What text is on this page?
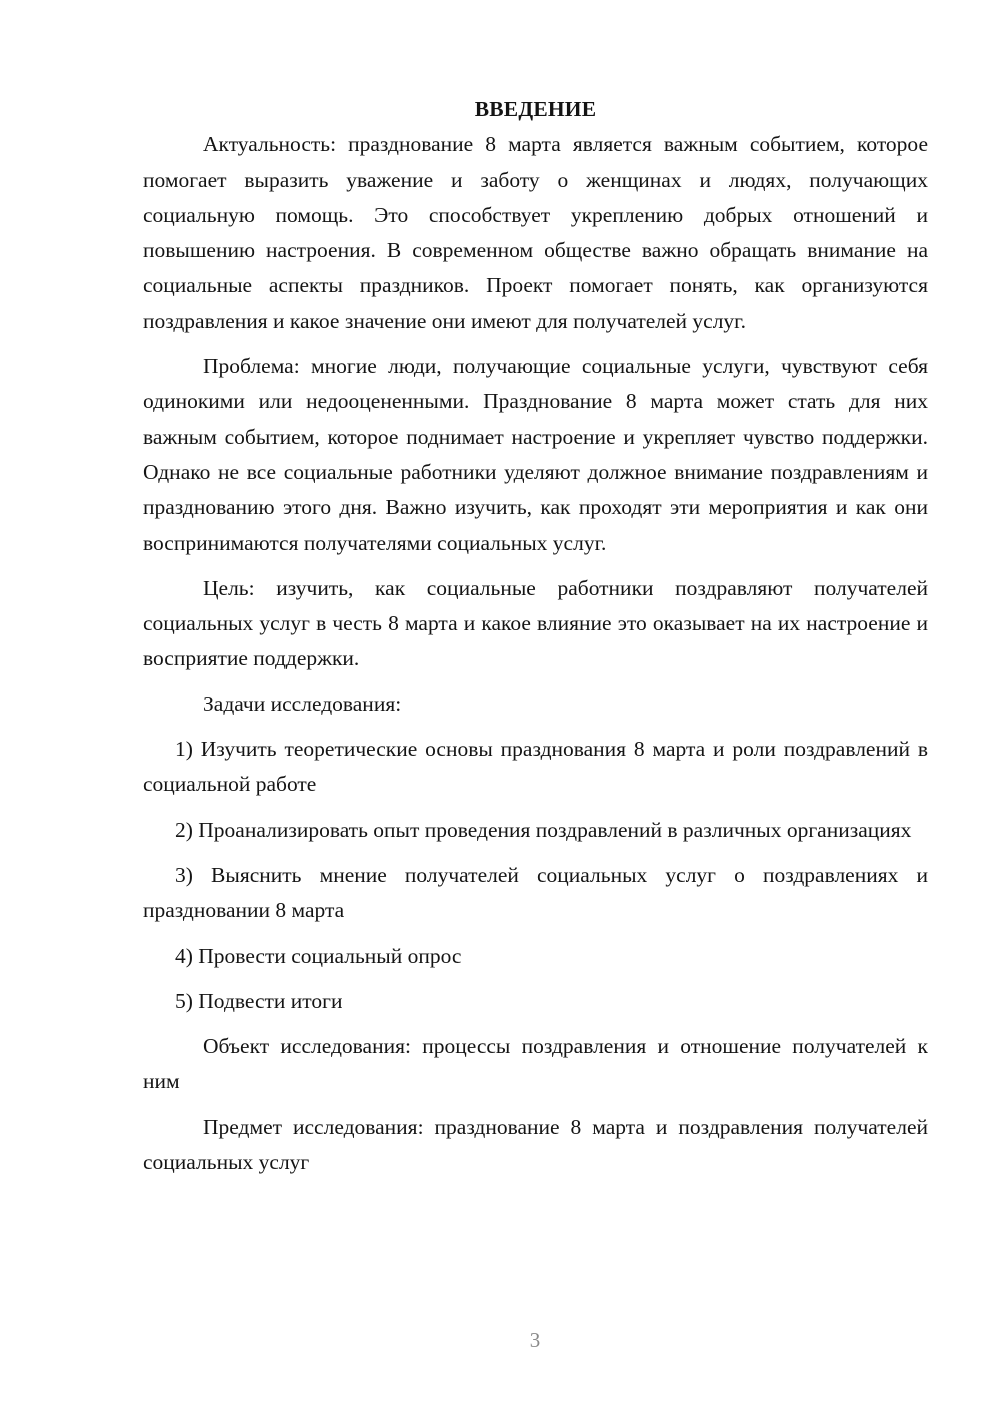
ВВЕДЕНИЕ

Актуальность: празднование 8 марта является важным событием, которое помогает выразить уважение и заботу о женщинах и людях, получающих социальную помощь. Это способствует укреплению добрых отношений и повышению настроения. В современном обществе важно обращать внимание на социальные аспекты праздников. Проект помогает понять, как организуются поздравления и какое значение они имеют для получателей услуг.

Проблема: многие люди, получающие социальные услуги, чувствуют себя одинокими или недооцененными. Празднование 8 марта может стать для них важным событием, которое поднимает настроение и укрепляет чувство поддержки. Однако не все социальные работники уделяют должное внимание поздравлениям и празднованию этого дня. Важно изучить, как проходят эти мероприятия и как они воспринимаются получателями социальных услуг.

Цель: изучить, как социальные работники поздравляют получателей социальных услуг в честь 8 марта и какое влияние это оказывает на их настроение и восприятие поддержки.

Задачи исследования:

1) Изучить теоретические основы празднования 8 марта и роли поздравлений в социальной работе

2) Проанализировать опыт проведения поздравлений в различных организациях

3) Выяснить мнение получателей социальных услуг о поздравлениях и праздновании 8 марта

4) Провести социальный опрос

5) Подвести итоги

Объект исследования: процессы поздравления и отношение получателей к ним

Предмет исследования: празднование 8 марта и поздравления получателей социальных услуг

3
